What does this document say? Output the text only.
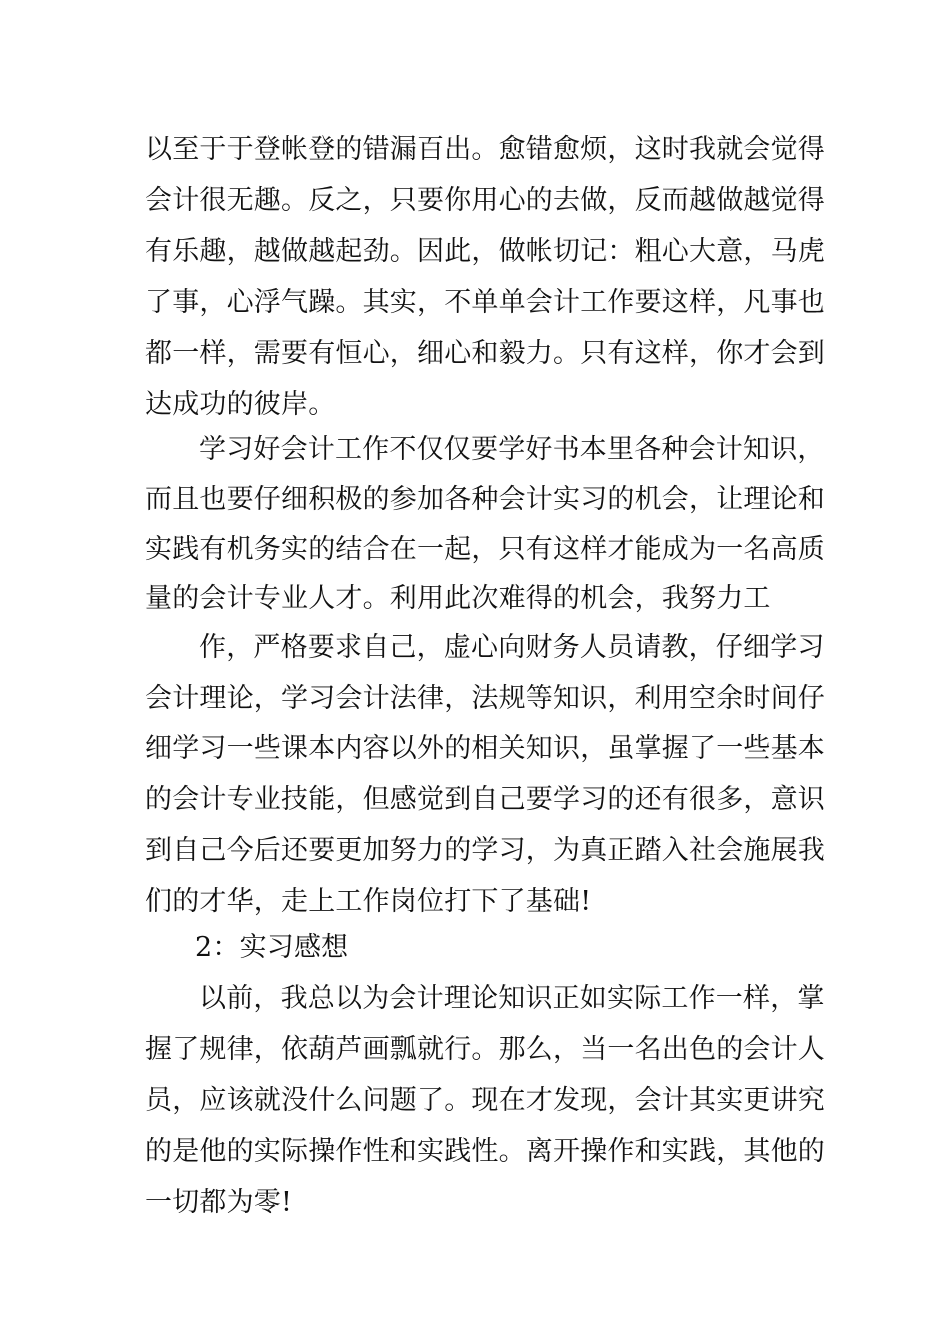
以至于于登帐登的错漏百出。愈错愈烦，这时我就会觉得
会计很无趣。反之，只要你用心的去做，反而越做越觉得
有乐趣，越做越起劲。因此，做帐切记：粗心大意，马虎
了事，心浮气躁。其实，不单单会计工作要这样，凡事也
都一样，需要有恒心，细心和毅力。只有这样，你才会到
达成功的彼岸。
学习好会计工作不仅仅要学好书本里各种会计知识，
而且也要仔细积极的参加各种会计实习的机会，让理论和
实践有机务实的结合在一起，只有这样才能成为一名高质
量的会计专业人才。利用此次难得的机会，我努力工
作，严格要求自己，虚心向财务人员请教，仔细学习
会计理论，学习会计法律，法规等知识，利用空余时间仔
细学习一些课本内容以外的相关知识，虽掌握了一些基本
的会计专业技能，但感觉到自己要学习的还有很多，意识
到自己今后还要更加努力的学习，为真正踏入社会施展我
们的才华，走上工作岗位打下了基础!
2：实习感想
以前，我总以为会计理论知识正如实际工作一样，掌
握了规律，依葫芦画瓢就行。那么，当一名出色的会计人
员，应该就没什么问题了。现在才发现，会计其实更讲究
的是他的实际操作性和实践性。离开操作和实践，其他的
一切都为零!
